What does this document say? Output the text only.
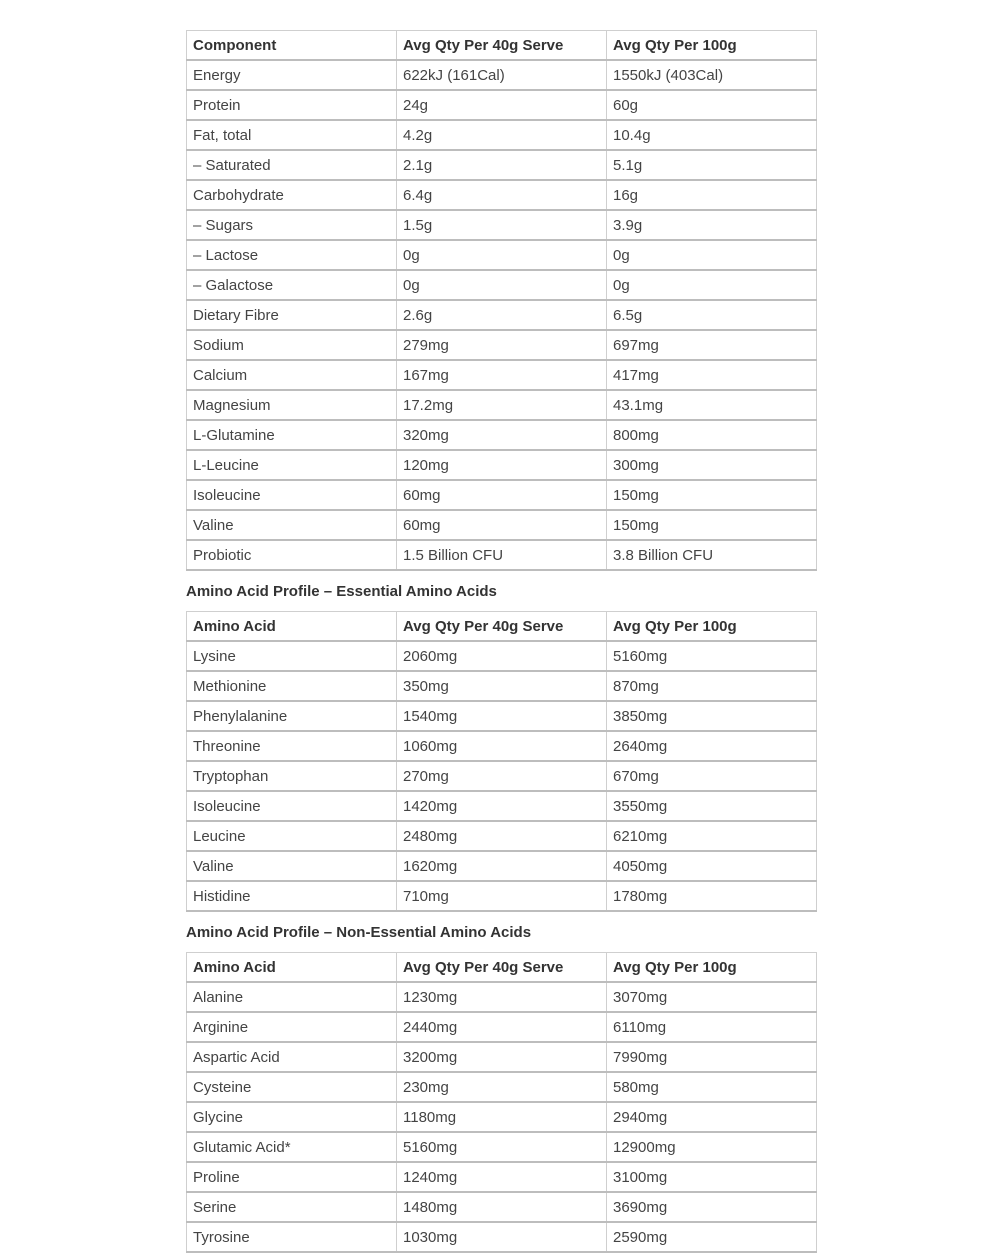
Component	Avg Qty Per 40g Serve	Avg Qty Per 100g
Energy	622kJ (161Cal)	1550kJ (403Cal)
Protein	24g	60g
Fat, total	4.2g	10.4g
– Saturated	2.1g	5.1g
Carbohydrate	6.4g	16g
– Sugars	1.5g	3.9g
– Lactose	0g	0g
– Galactose	0g	0g
Dietary Fibre	2.6g	6.5g
Sodium	279mg	697mg
Calcium	167mg	417mg
Magnesium	17.2mg	43.1mg
L-Glutamine	320mg	800mg
L-Leucine	120mg	300mg
Isoleucine	60mg	150mg
Valine	60mg	150mg
Probiotic	1.5 Billion CFU	3.8 Billion CFU
Amino Acid Profile – Essential Amino Acids
Amino Acid	Avg Qty Per 40g Serve	Avg Qty Per 100g
Lysine	2060mg	5160mg
Methionine	350mg	870mg
Phenylalanine	1540mg	3850mg
Threonine	1060mg	2640mg
Tryptophan	270mg	670mg
Isoleucine	1420mg	3550mg
Leucine	2480mg	6210mg
Valine	1620mg	4050mg
Histidine	710mg	1780mg
Amino Acid Profile – Non-Essential Amino Acids
Amino Acid	Avg Qty Per 40g Serve	Avg Qty Per 100g
Alanine	1230mg	3070mg
Arginine	2440mg	6110mg
Aspartic Acid	3200mg	7990mg
Cysteine	230mg	580mg
Glycine	1180mg	2940mg
Glutamic Acid*	5160mg	12900mg
Proline	1240mg	3100mg
Serine	1480mg	3690mg
Tyrosine	1030mg	2590mg
